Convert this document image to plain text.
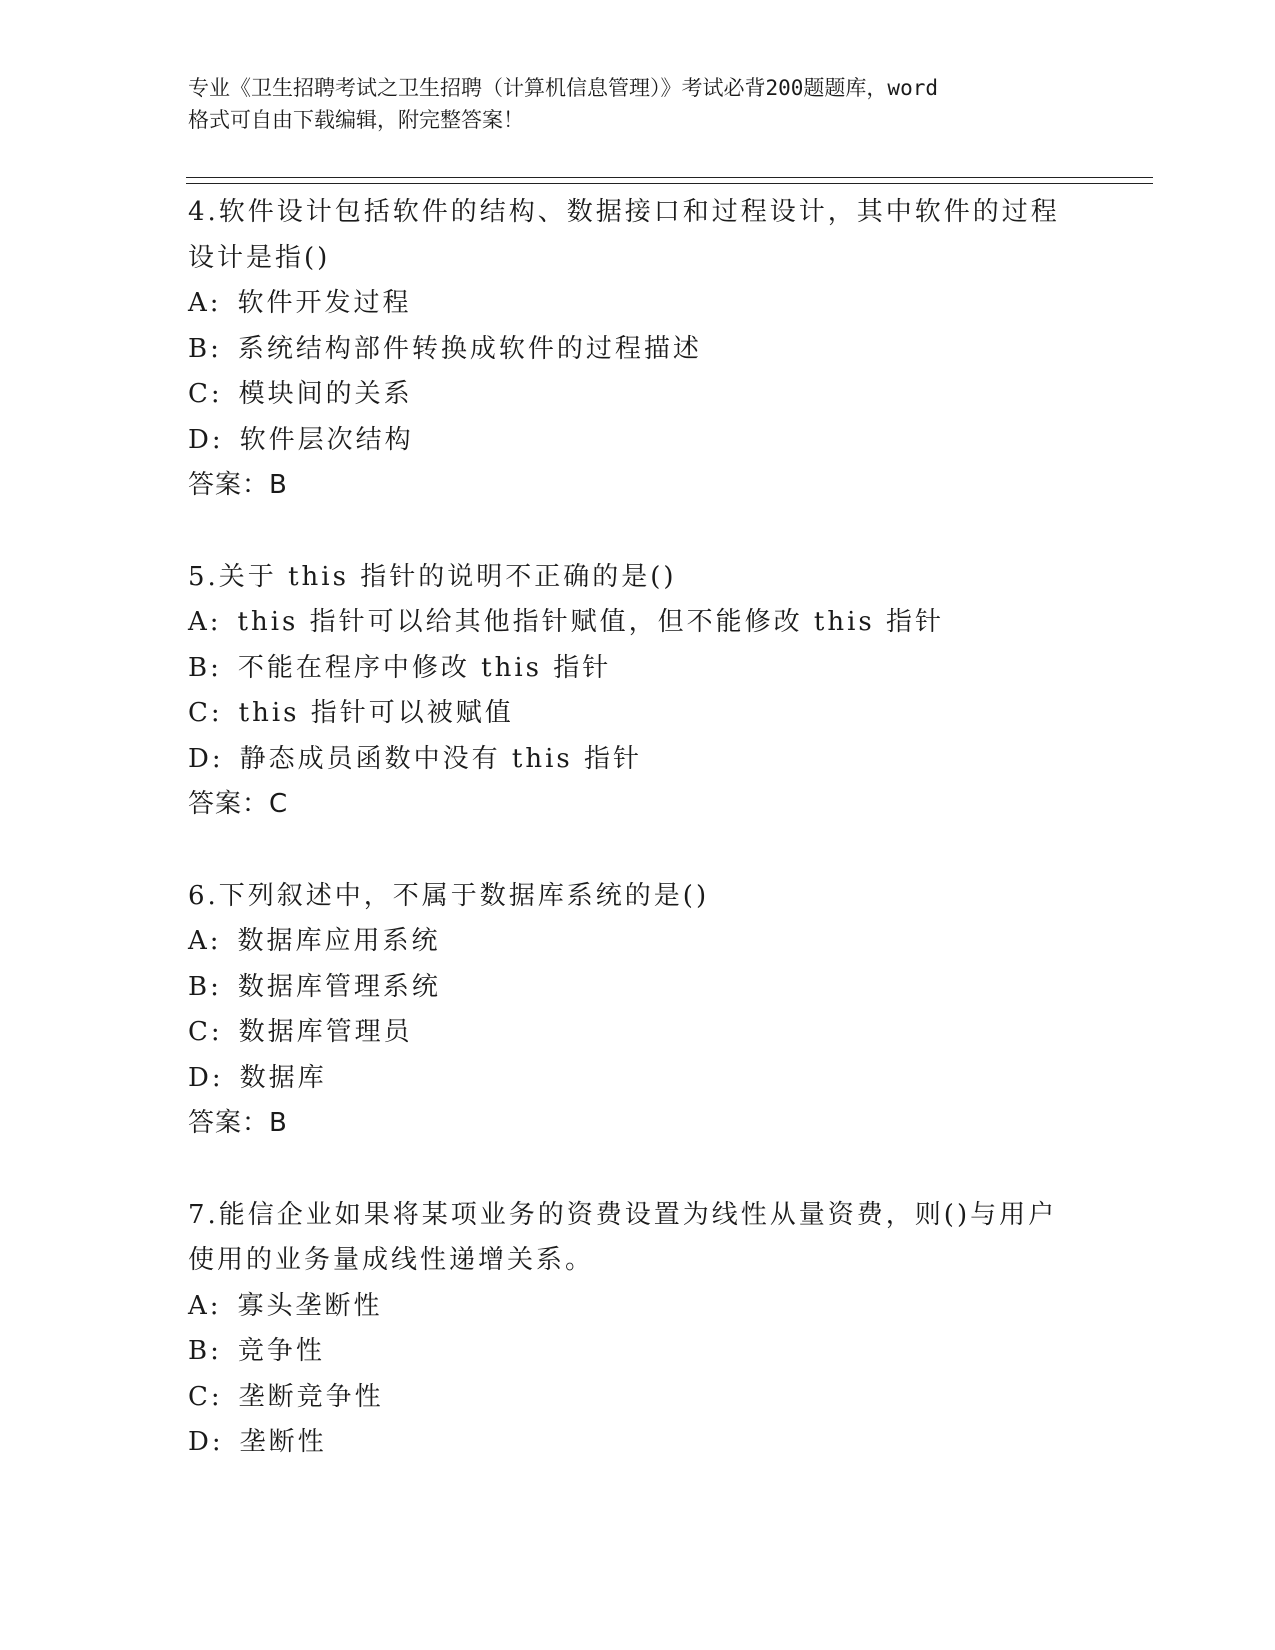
专业《卫生招聘考试之卫生招聘（计算机信息管理）》考试必背200题题库，word
格式可自由下载编辑，附完整答案！
4.软件设计包括软件的结构、数据接口和过程设计，其中软件的过程
设计是指()
A: 软件开发过程
B: 系统结构部件转换成软件的过程描述
C: 模块间的关系
D: 软件层次结构
答案：B
5.关于 this 指针的说明不正确的是()
A: this 指针可以给其他指针赋值，但不能修改 this 指针
B: 不能在程序中修改 this 指针
C: this 指针可以被赋值
D: 静态成员函数中没有 this 指针
答案：C
6.下列叙述中，不属于数据库系统的是()
A: 数据库应用系统
B: 数据库管理系统
C: 数据库管理员
D: 数据库
答案：B
7.能信企业如果将某项业务的资费设置为线性从量资费，则()与用户
使用的业务量成线性递增关系。
A: 寡头垄断性
B: 竞争性
C: 垄断竞争性
D: 垄断性
